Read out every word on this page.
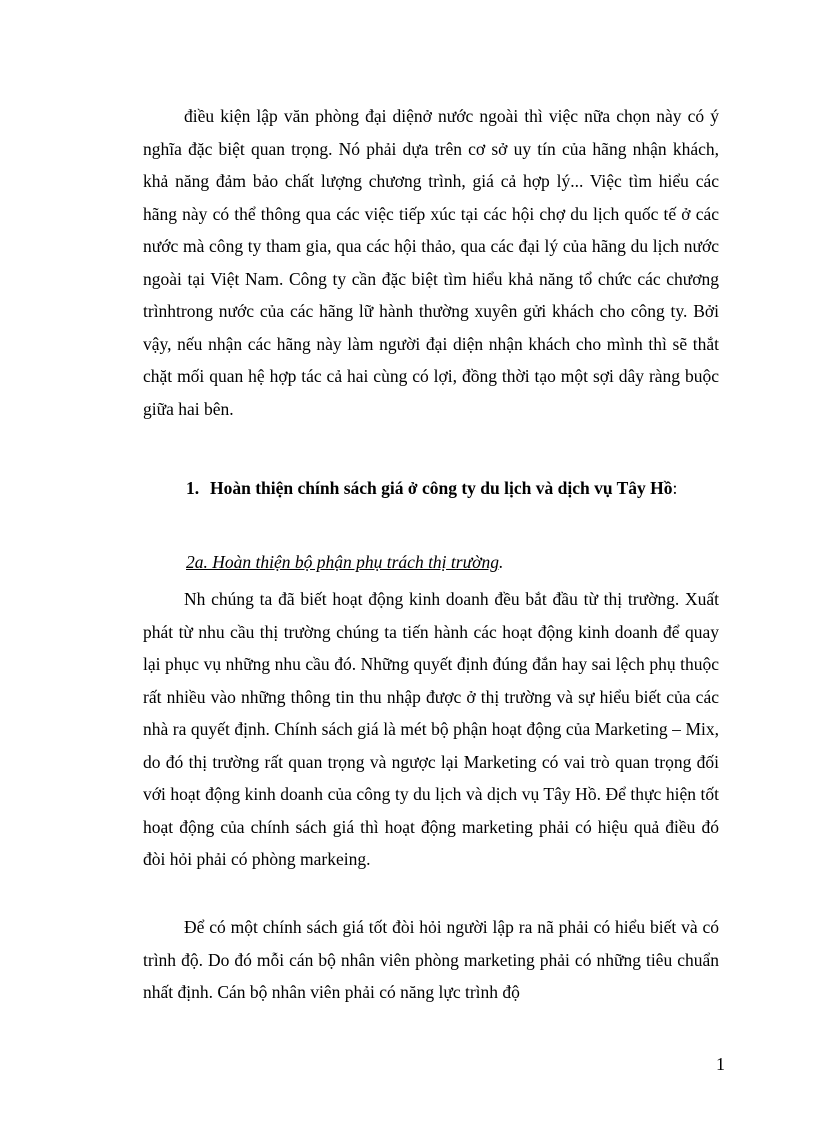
điều kiện lập văn phòng đại diệnở nước ngoài thì việc nữa chọn này có ý nghĩa đặc biệt quan trọng. Nó phải dựa trên cơ sở uy tín của hãng nhận khách, khả năng đảm bảo chất lượng chương trình, giá cả hợp lý... Việc tìm hiểu các hãng này có thể thông qua các việc tiếp xúc tại các hội chợ du lịch quốc tế ở các nước mà công ty tham gia, qua các hội thảo, qua các đại lý của hãng du lịch nước ngoài tại Việt Nam. Công ty cần đặc biệt tìm hiểu khả năng tổ chức các chương trìnhtrong nước của các hãng lữ hành thường xuyên gửi khách cho công ty. Bởi vậy, nếu nhận các hãng này làm người đại diện nhận khách cho mình thì sẽ thắt chặt mối quan hệ hợp tác cả hai cùng có lợi, đồng thời tạo một sợi dây ràng buộc giữa hai bên.

1. Hoàn thiện chính sách giá ở công ty du lịch và dịch vụ Tây Hồ:
2a. Hoàn thiện bộ phận phụ trách thị trường.

Nh chúng ta đã biết hoạt động kinh doanh đều bắt đầu từ thị trường. Xuất phát từ nhu cầu thị trường chúng ta tiến hành các hoạt động kinh doanh để quay lại phục vụ những nhu cầu đó. Những quyết định đúng đắn hay sai lệch phụ thuộc rất nhiều vào những thông tin thu nhập được ở thị trường và sự hiểu biết của các nhà ra quyết định. Chính sách giá là mét bộ phận hoạt động của Marketing – Mix, do đó thị trường rất quan trọng và ngược lại Marketing có vai trò quan trọng đối với hoạt động kinh doanh của công ty du lịch và dịch vụ Tây Hồ. Để thực hiện tốt hoạt động của chính sách giá thì hoạt động marketing phải có hiệu quả điều đó đòi hỏi phải có phòng markeing.

Để có một chính sách giá tốt đòi hỏi người lập ra nã phải có hiểu biết và có trình độ. Do đó mỗi cán bộ nhân viên phòng marketing phải có những tiêu chuẩn nhất định. Cán bộ nhân viên phải có năng lực trình độ

1
